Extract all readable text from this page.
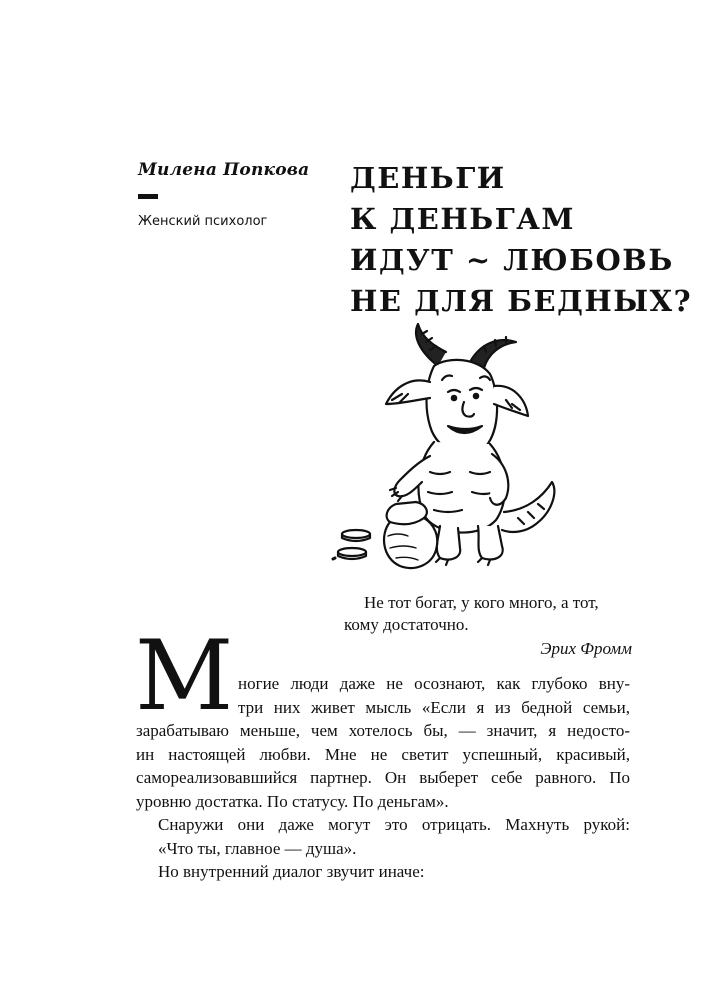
Милена Попкова
Женский психолог
ДЕНЬГИ
К ДЕНЬГАМ
ИДУТ ~ ЛЮБОВЬ
НЕ ДЛЯ БЕДНЫХ?
Не тот богат, у кого много, а тот,
кому достаточно.
Эрих Фромм
М ногие люди даже не осознают, как глубоко вну-
три них живет мысль «Если я из бедной семьи,
зарабатываю меньше, чем хотелось бы, — значит, я недосто-
ин настоящей любви. Мне не светит успешный, красивый,
самореализовавшийся партнер. Он выберет себе равного. По
уровню достатка. По статусу. По деньгам».
Снаружи они даже могут это отрицать. Махнуть рукой:
«Что ты, главное — душа».
Но внутренний диалог звучит иначе:
